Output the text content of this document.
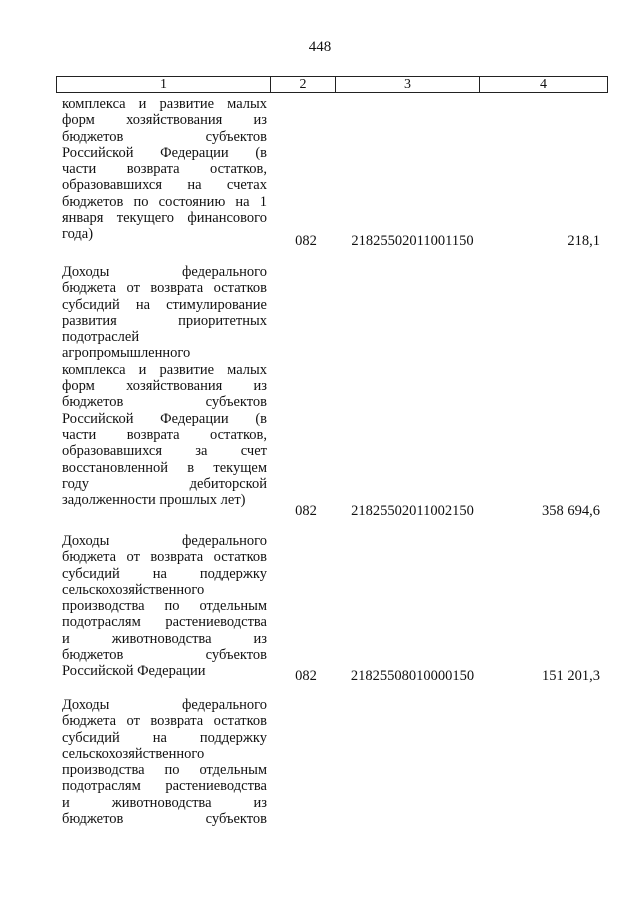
448
1	2	3	4
комплекса и развитие малых
форм хозяйствования из
бюджетов субъектов
Российской Федерации (в
части возврата остатков,
образовавшихся на счетах
бюджетов по состоянию на 1
января текущего финансового
года)	082	21825502011001150	218,1
Доходы федерального
бюджета от возврата остатков
субсидий на стимулирование
развития приоритетных
подотраслей
агропромышленного
комплекса и развитие малых
форм хозяйствования из
бюджетов субъектов
Российской Федерации (в
части возврата остатков,
образовавшихся за счет
восстановленной в текущем
году дебиторской
задолженности прошлых лет)
082	21825502011002150	358 694,6
Доходы федерального
бюджета от возврата остатков
субсидий на поддержку
сельскохозяйственного
производства по отдельным
подотраслям растениеводства
и животноводства из
бюджетов субъектов
Российской Федерации	082	21825508010000150	151 201,3
Доходы федерального
бюджета от возврата остатков
субсидий на поддержку
сельскохозяйственного
производства по отдельным
подотраслям растениеводства
и животноводства из
бюджетов субъектов
